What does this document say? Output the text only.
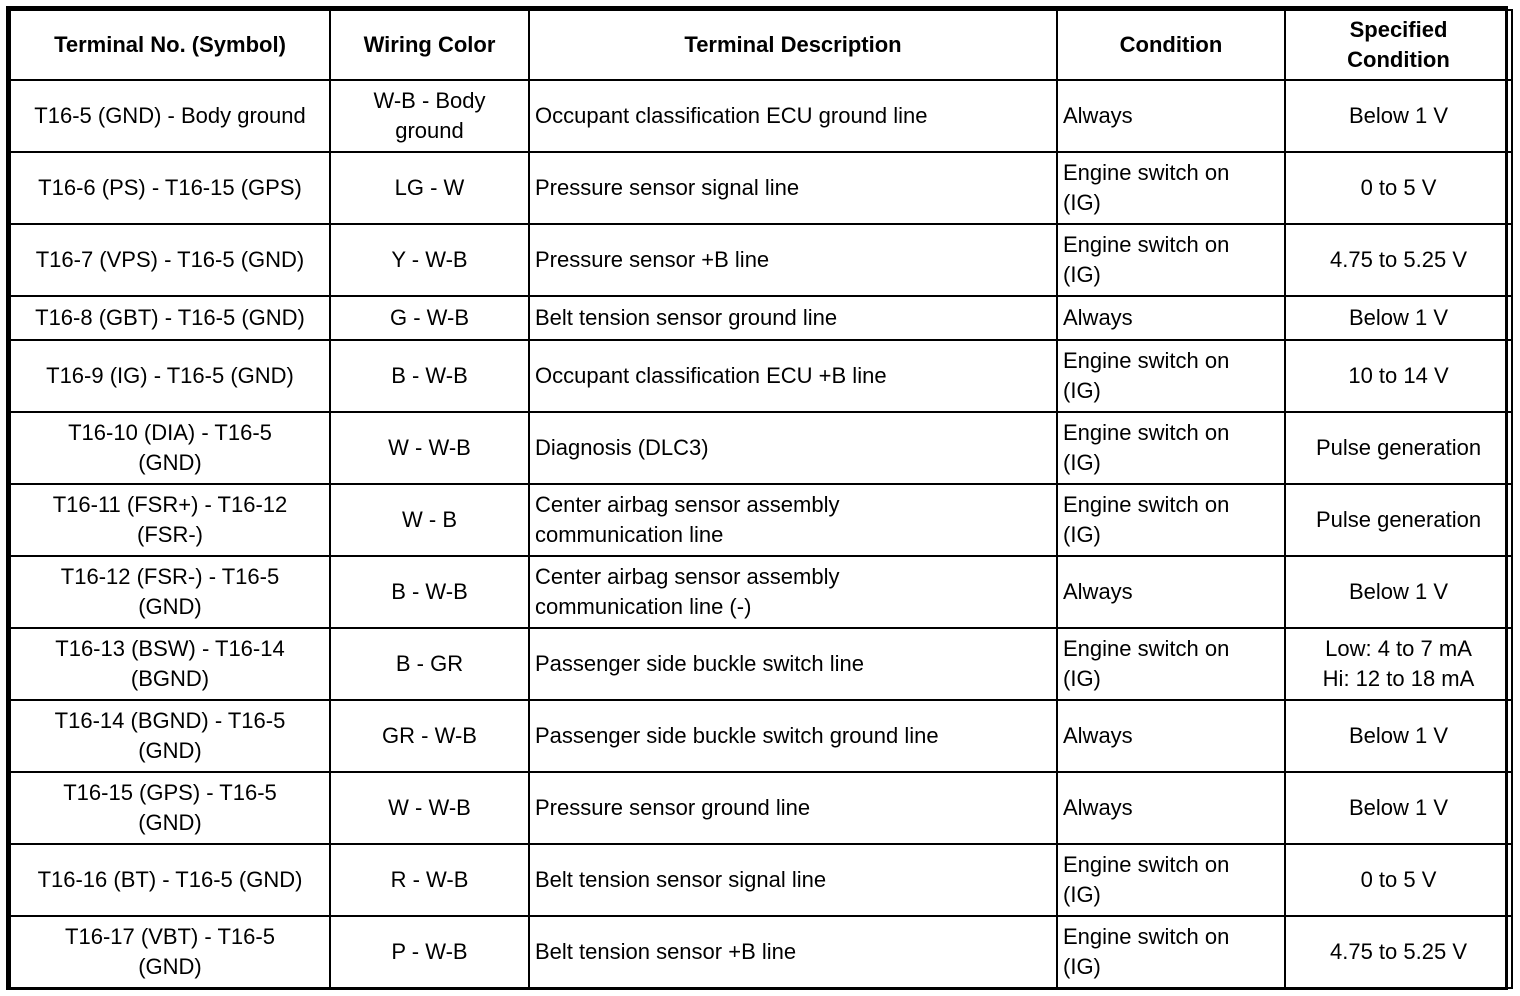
Terminal No. (Symbol)	Wiring Color	Terminal Description	Condition	Specified
Condition
T16-5 (GND) - Body ground	W-B - Body
ground	Occupant classification ECU ground line	Always	Below 1 V
T16-6 (PS) - T16-15 (GPS)	LG - W	Pressure sensor signal line	Engine switch on
(IG)	0 to 5 V
T16-7 (VPS) - T16-5 (GND)	Y - W-B	Pressure sensor +B line	Engine switch on
(IG)	4.75 to 5.25 V
T16-8 (GBT) - T16-5 (GND)	G - W-B	Belt tension sensor ground line	Always	Below 1 V
T16-9 (IG) - T16-5 (GND)	B - W-B	Occupant classification ECU +B line	Engine switch on
(IG)	10 to 14 V
T16-10 (DIA) - T16-5
(GND)	W - W-B	Diagnosis (DLC3)	Engine switch on
(IG)	Pulse generation
T16-11 (FSR+) - T16-12
(FSR-)	W - B	Center airbag sensor assembly
communication line	Engine switch on
(IG)	Pulse generation
T16-12 (FSR-) - T16-5
(GND)	B - W-B	Center airbag sensor assembly
communication line (-)	Always	Below 1 V
T16-13 (BSW) - T16-14
(BGND)	B - GR	Passenger side buckle switch line	Engine switch on
(IG)	Low: 4 to 7 mA
Hi: 12 to 18 mA
T16-14 (BGND) - T16-5
(GND)	GR - W-B	Passenger side buckle switch ground line	Always	Below 1 V
T16-15 (GPS) - T16-5
(GND)	W - W-B	Pressure sensor ground line	Always	Below 1 V
T16-16 (BT) - T16-5 (GND)	R - W-B	Belt tension sensor signal line	Engine switch on
(IG)	0 to 5 V
T16-17 (VBT) - T16-5
(GND)	P - W-B	Belt tension sensor +B line	Engine switch on
(IG)	4.75 to 5.25 V
